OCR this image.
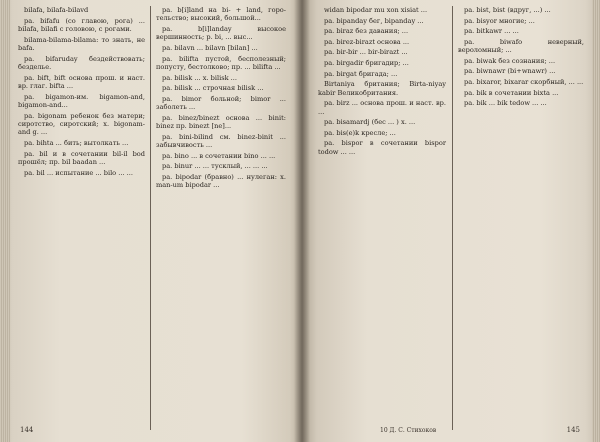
bilafa, bilafa-bilavd

ра. bifafu (со главою, рога) ... bilafa, bilafi с головою, с рогами.

bilama-bilama-bilama: то знать, не bafa.

ра. bifaruday бездействовать; безделье.

ра. bift, bift основа прош. и наст. вр. глаг. bifta ...

ра. bigamon-им. bigamon-and, bigamon-and...

ра. bigonam ребенок без матери; сиротство, сиротский; х. bigonam-and g. ...

ра. bihta ... бить; вытолкать ...

ра. bil и в сочетании bil-il bod прошёл; пр. bil baadan ...

ра. bil ... испытание ... bilo ... ...

ра. b[i]land на bi- + land, горо-тельство; высокий, большой...

ра. b[i]landay высокое вершинность; р. bi, ... выс...

ра. bilavn ... bilavn [bilan] ...

ра. bilifta пустой, бесполезный; попусту, бестолково; пр. ... bilifta ...

ра. bilisk ... х. bilisk ...

ра. bilisk ... строчная bilisk ...

ра. bimor больной; bimor ... заболеть ...

ра. binez/binezt основа ... binit: binez пр. binezt [ne]...

ра. bini-bilind см. binez-binit ... забывчивость ...

ра. bino ... в сочетании bino ... ...

ра. binur ... ... тусклый, ... ... ...

ра. bipodar (бравно) ... нулеган: х. man-um bipodar ...

144

widan bipodar mu xon xisiat ...

ра. bipanday бег, bipanday ...

ра. biraz без давания; ...

ра. birez-birazt основа ...

ра. bir-bir ... bir-birazt ...

ра. birgadir бригадир; ...

ра. birgat бригада; ...

Birtaniya британия; Birta-niyay kabir Великобритания.

ра. birz ... основа прош. и наст. вр. ...

ра. bisamardj (бес ... ) х. ...

ра. bis(e)k кресле; ...

ра. bispor в сочетании bispor todow ... ...

ра. bist, bist (вдруг, ...) ...

ра. bisyor многие; ...

ра. bitkawr ... ...

ра. biwafo неверный, вероломный; ...

ра. biwak без сознания; ...

ра. biwnawr (bi+wnawr) ...

ра. bixaror, bixarar скорбный, ... ...

ра. bik в сочетании bixta ...

ра. bik ... bik tedow ... ...

10 Д. С. Стихоков	145
